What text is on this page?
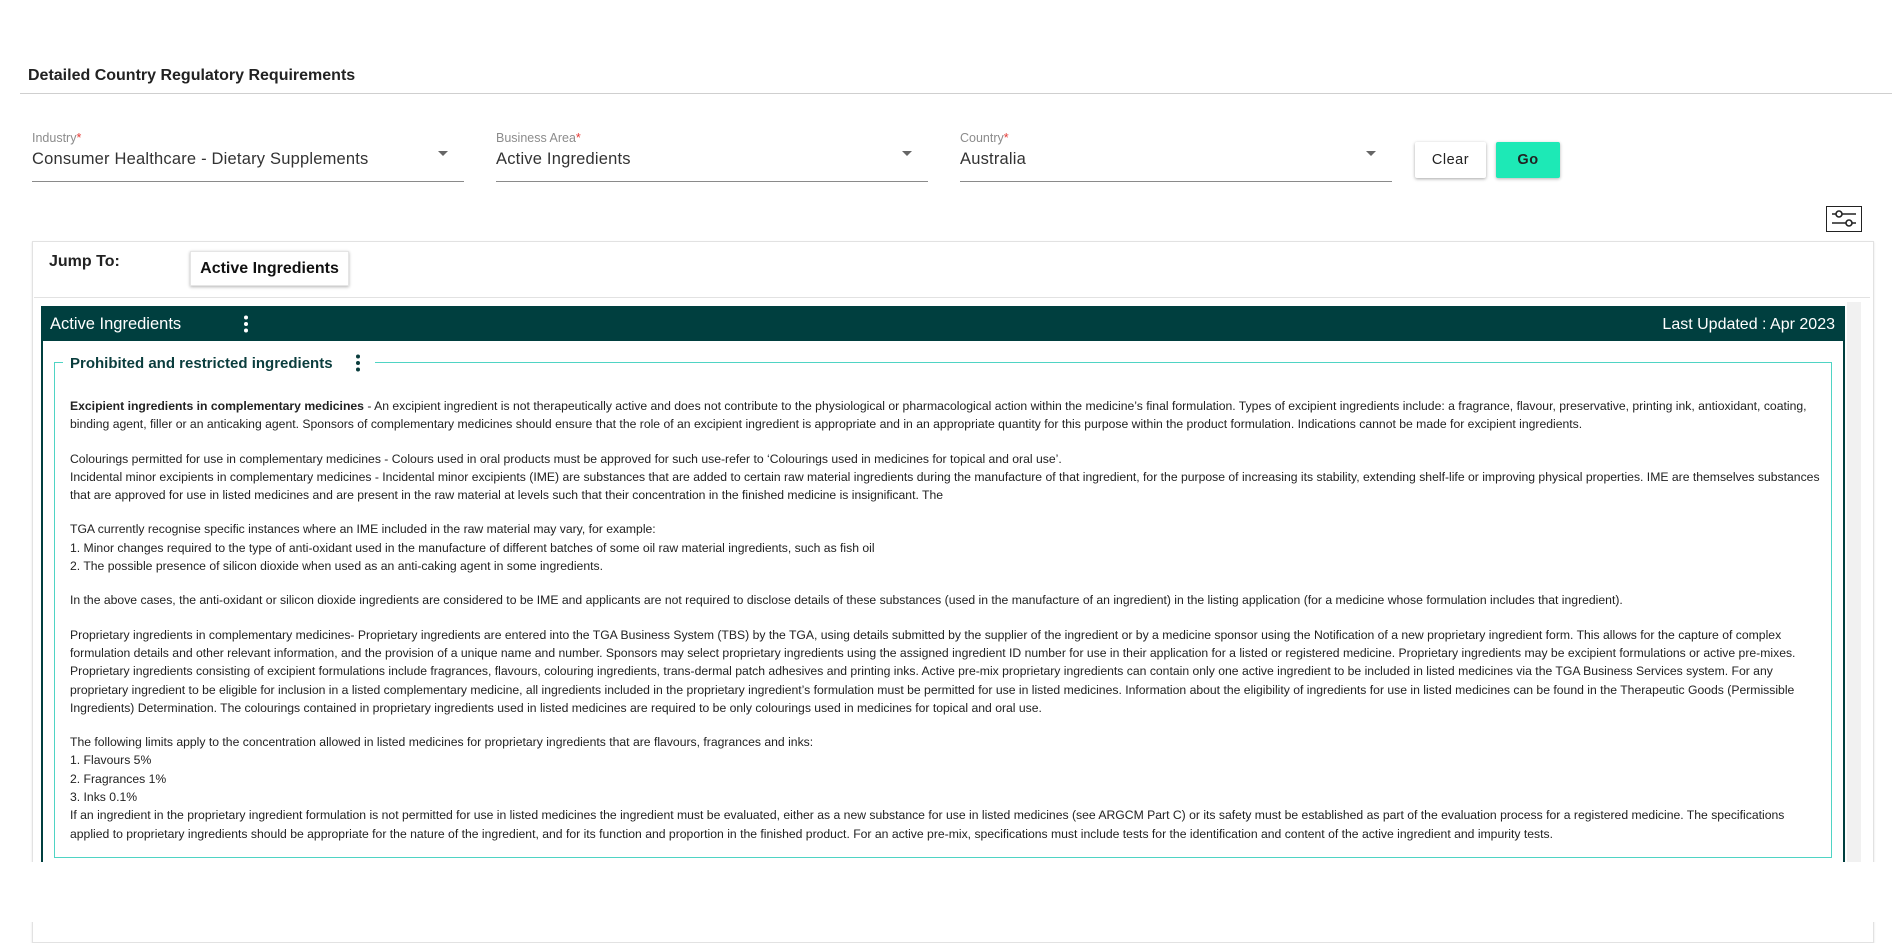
Detailed Country Regulatory Requirements
Industry*
Consumer Healthcare - Dietary Supplements
Business Area*
Active Ingredients
Country*
Australia	Clear	Go
Jump To:	Active Ingredients
Active Ingredients	Last Updated : Apr 2023
Prohibited and restricted ingredients

Excipient ingredients in complementary medicines - An excipient ingredient is not therapeutically active and does not contribute to the physiological or pharmacological action within the medicine’s final formulation. Types of excipient ingredients include: a fragrance, flavour, preservative, printing ink, antioxidant, coating, binding agent, filler or an anticaking agent. Sponsors of complementary medicines should ensure that the role of an excipient ingredient is appropriate and in an appropriate quantity for this purpose within the product formulation. Indications cannot be made for excipient ingredients.

Colourings permitted for use in complementary medicines - Colours used in oral products must be approved for such use-refer to ‘Colourings used in medicines for topical and oral use’.
Incidental minor excipients in complementary medicines - Incidental minor excipients (IME) are substances that are added to certain raw material ingredients during the manufacture of that ingredient, for the purpose of increasing its stability, extending shelf-life or improving physical properties. IME are themselves substances that are approved for use in listed medicines and are present in the raw material at levels such that their concentration in the finished medicine is insignificant. The

TGA currently recognise specific instances where an IME included in the raw material may vary, for example:
1. Minor changes required to the type of anti-oxidant used in the manufacture of different batches of some oil raw material ingredients, such as fish oil
2. The possible presence of silicon dioxide when used as an anti-caking agent in some ingredients.

In the above cases, the anti-oxidant or silicon dioxide ingredients are considered to be IME and applicants are not required to disclose details of these substances (used in the manufacture of an ingredient) in the listing application (for a medicine whose formulation includes that ingredient).

Proprietary ingredients in complementary medicines- Proprietary ingredients are entered into the TGA Business System (TBS) by the TGA, using details submitted by the supplier of the ingredient or by a medicine sponsor using the Notification of a new proprietary ingredient form. This allows for the capture of complex formulation details and other relevant information, and the provision of a unique name and number. Sponsors may select proprietary ingredients using the assigned ingredient ID number for use in their application for a listed or registered medicine. Proprietary ingredients may be excipient formulations or active pre-mixes. Proprietary ingredients consisting of excipient formulations include fragrances, flavours, colouring ingredients, trans-dermal patch adhesives and printing inks. Active pre-mix proprietary ingredients can contain only one active ingredient to be included in listed medicines via the TGA Business Services system. For any proprietary ingredient to be eligible for inclusion in a listed complementary medicine, all ingredients included in the proprietary ingredient’s formulation must be permitted for use in listed medicines. Information about the eligibility of ingredients for use in listed medicines can be found in the Therapeutic Goods (Permissible Ingredients) Determination. The colourings contained in proprietary ingredients used in listed medicines are required to be only colourings used in medicines for topical and oral use.

The following limits apply to the concentration allowed in listed medicines for proprietary ingredients that are flavours, fragrances and inks:
1. Flavours 5%
2. Fragrances 1%
3. Inks 0.1%
If an ingredient in the proprietary ingredient formulation is not permitted for use in listed medicines the ingredient must be evaluated, either as a new substance for use in listed medicines (see ARGCM Part C) or its safety must be established as part of the evaluation process for a registered medicine. The specifications applied to proprietary ingredients should be appropriate for the nature of the ingredient, and for its function and proportion in the finished product. For an active pre-mix, specifications must include tests for the identification and content of the active ingredient and impurity tests.
